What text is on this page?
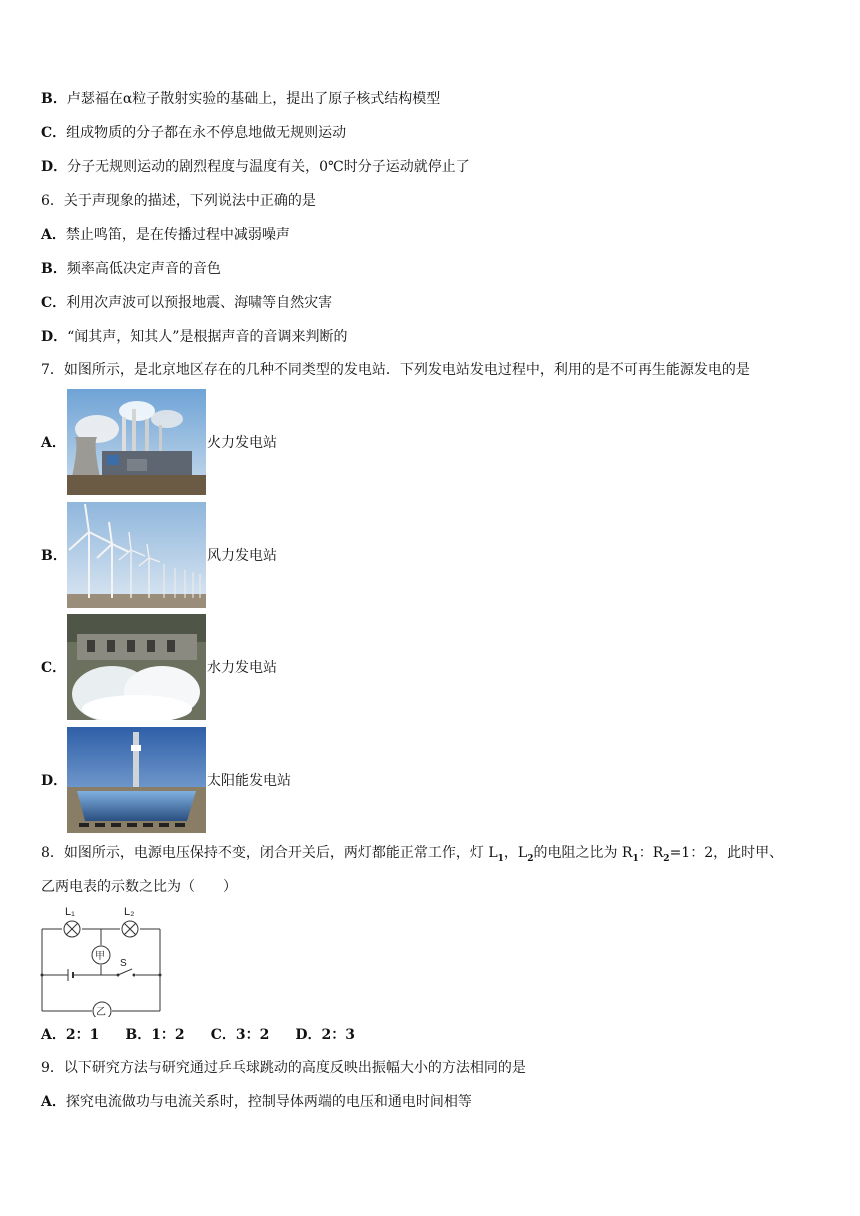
B．卢瑟福在α粒子散射实验的基础上，提出了原子核式结构模型
C．组成物质的分子都在永不停息地做无规则运动
D．分子无规则运动的剧烈程度与温度有关，0℃时分子运动就停止了
6．关于声现象的描述，下列说法中正确的是
A．禁止鸣笛，是在传播过程中减弱噪声
B．频率高低决定声音的音色
C．利用次声波可以预报地震、海啸等自然灾害
D．“闻其声，知其人”是根据声音的音调来判断的
7．如图所示，是北京地区存在的几种不同类型的发电站．下列发电站发电过程中，利用的是不可再生能源发电的是
A．	火力发电站
B．	风力发电站
C．	水力发电站
D．	太阳能发电站
8．如图所示，电源电压保持不变，闭合开关后，两灯都能正常工作，灯 $L_1$，$L_2$的电阻之比为 $R_1$：$R_2=1$：2，此时甲、
乙两电表的示数之比为（　　）
L₁	L₂
甲
乙
S
A．2：1 B．1：2 C．3：2 D．2：3
9．以下研究方法与研究通过乒乓球跳动的高度反映出振幅大小的方法相同的是
A．探究电流做功与电流关系时，控制导体两端的电压和通电时间相等
